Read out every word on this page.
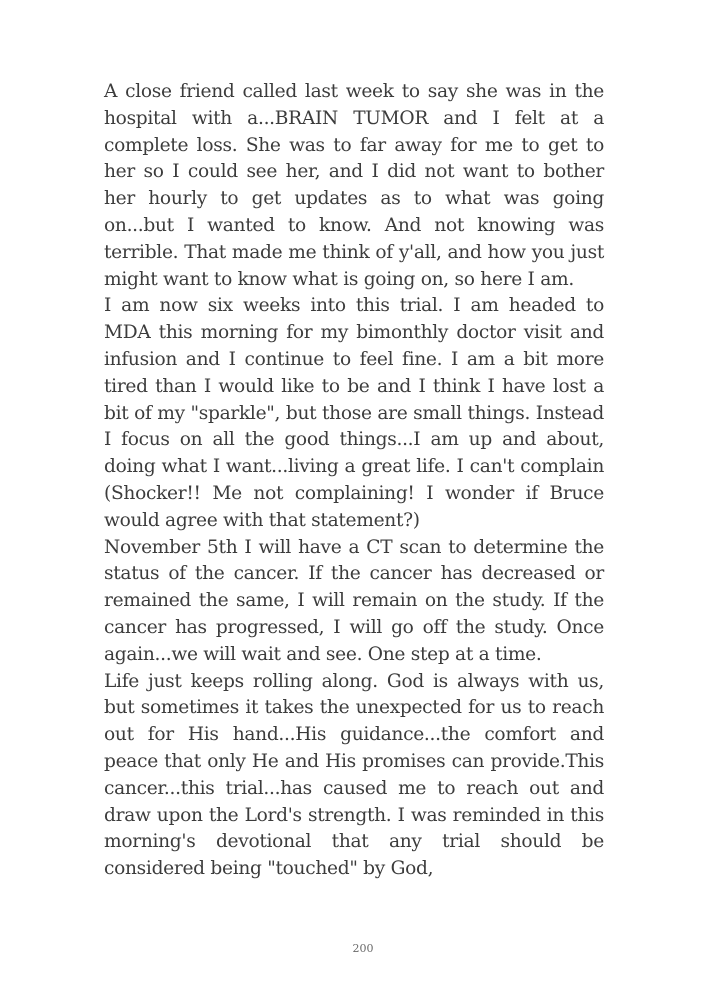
A close friend called last week to say she was in the hospital with a...BRAIN TUMOR and I felt at a complete loss. She was to far away for me to get to her so I could see her, and I did not want to bother her hourly to get updates as to what was going on...but I wanted to know. And not knowing was terrible. That made me think of y'all, and how you just might want to know what is going on, so here I am.

I am now six weeks into this trial. I am headed to MDA this morning for my bimonthly doctor visit and infusion and I continue to feel fine. I am a bit more tired than I would like to be and I think I have lost a bit of my "sparkle", but those are small things. Instead I focus on all the good things...I am up and about, doing what I want...living a great life. I can't complain (Shocker!! Me not complaining! I wonder if Bruce would agree with that statement?)

November 5th I will have a CT scan to determine the status of the cancer. If the cancer has decreased or remained the same, I will remain on the study. If the cancer has progressed, I will go off the study. Once again...we will wait and see. One step at a time.

Life just keeps rolling along. God is always with us, but sometimes it takes the unexpected for us to reach out for His hand...His guidance...the comfort and peace that only He and His promises can provide.This cancer...this trial...has caused me to reach out and draw upon the Lord's strength. I was reminded in this morning's devotional that any trial should be considered being "touched" by God,

200
